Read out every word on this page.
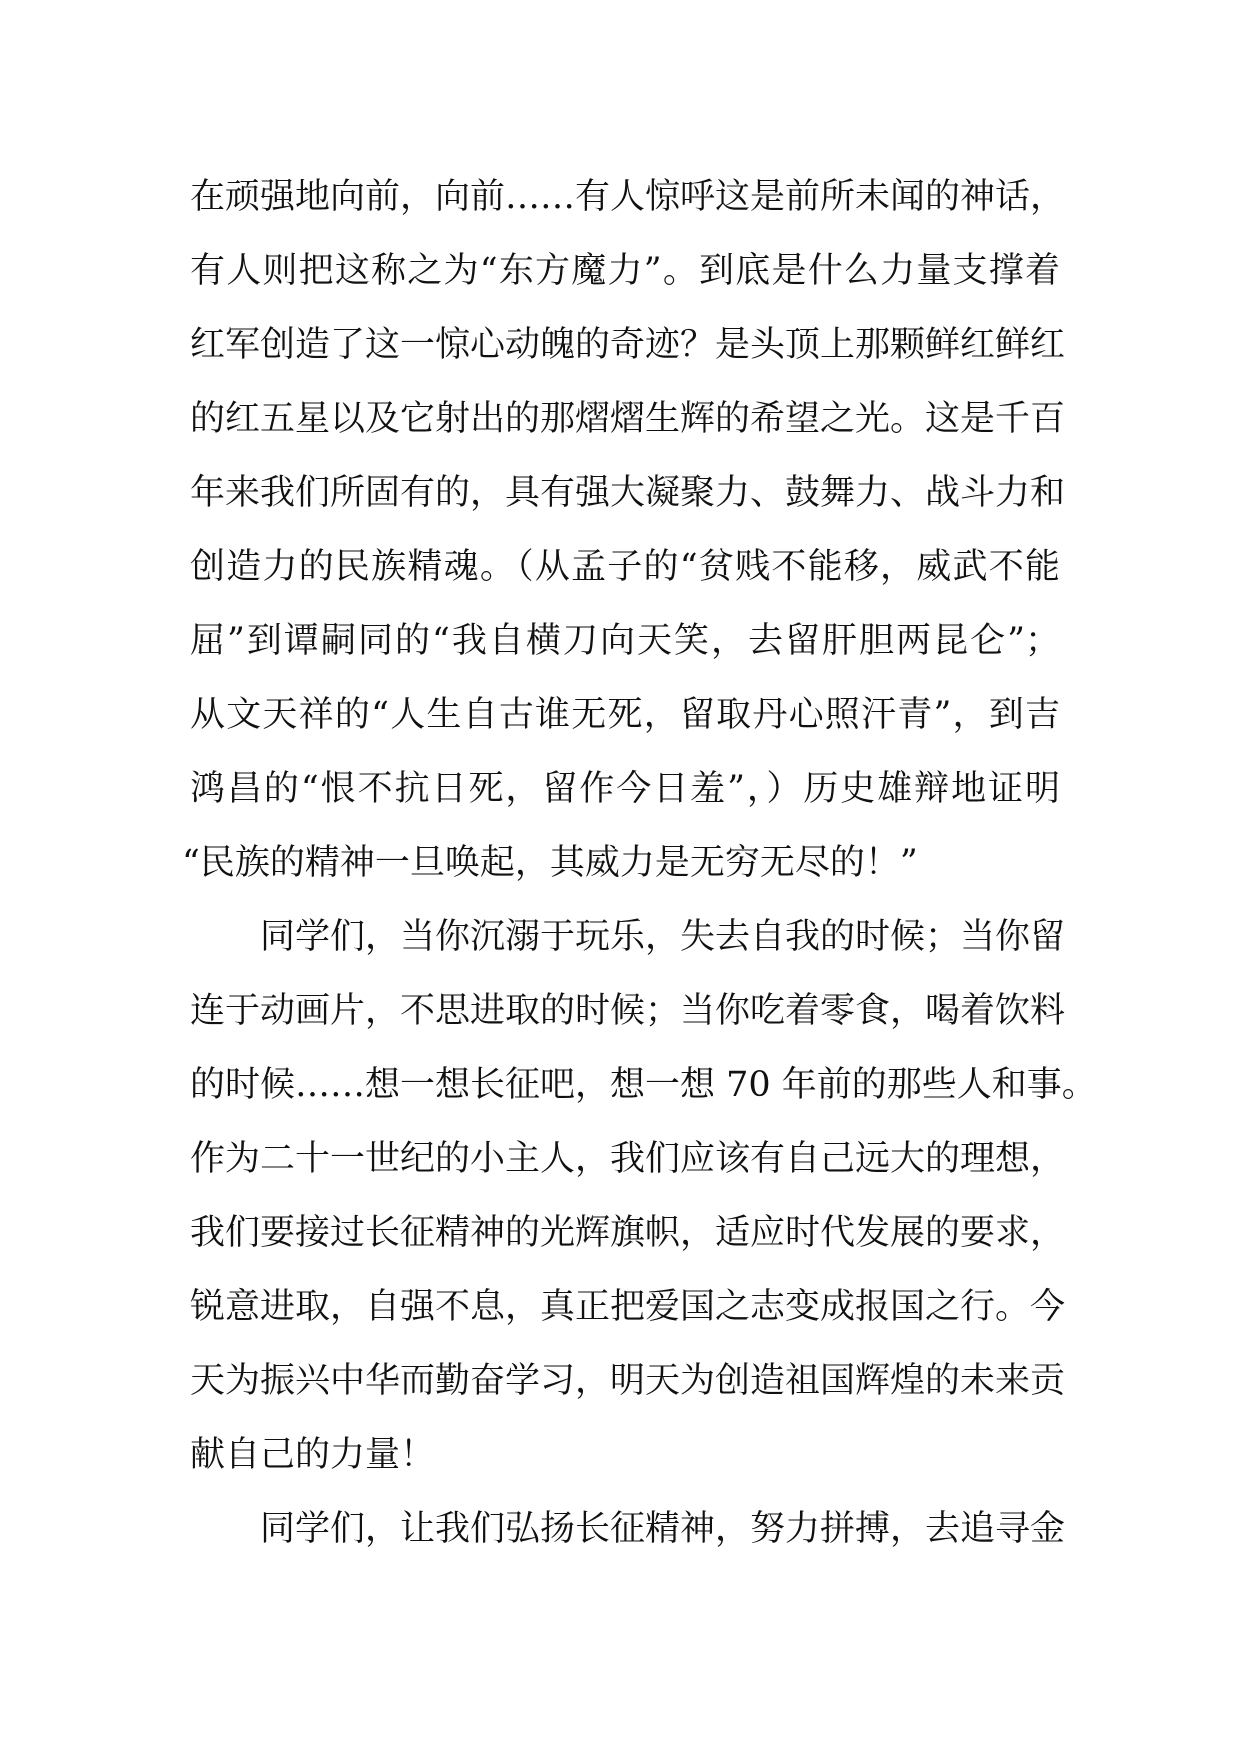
在顽强地向前，向前……有人惊呼这是前所未闻的神话，
有人则把这称之为“东方魔力”。到底是什么力量支撑着
红军创造了这一惊心动魄的奇迹？是头顶上那颗鲜红鲜红
的红五星以及它射出的那熠熠生辉的希望之光。这是千百
年来我们所固有的，具有强大凝聚力、鼓舞力、战斗力和
创造力的民族精魂。（从孟子的“贫贱不能移，威武不能
屈”到谭嗣同的“我自横刀向天笑，去留肝胆两昆仑”；
从文天祥的“人生自古谁无死，留取丹心照汗青”，到吉
鸿昌的“恨不抗日死，留作今日羞”，）历史雄辩地证明
“民族的精神一旦唤起，其威力是无穷无尽的！”
同学们，当你沉溺于玩乐，失去自我的时候；当你留
连于动画片，不思进取的时候；当你吃着零食，喝着饮料
的时候……想一想长征吧，想一想 70 年前的那些人和事。
作为二十一世纪的小主人，我们应该有自己远大的理想，
我们要接过长征精神的光辉旗帜，适应时代发展的要求，
锐意进取，自强不息，真正把爱国之志变成报国之行。今
天为振兴中华而勤奋学习，明天为创造祖国辉煌的未来贡
献自己的力量！
同学们，让我们弘扬长征精神，努力拼搏，去追寻金
